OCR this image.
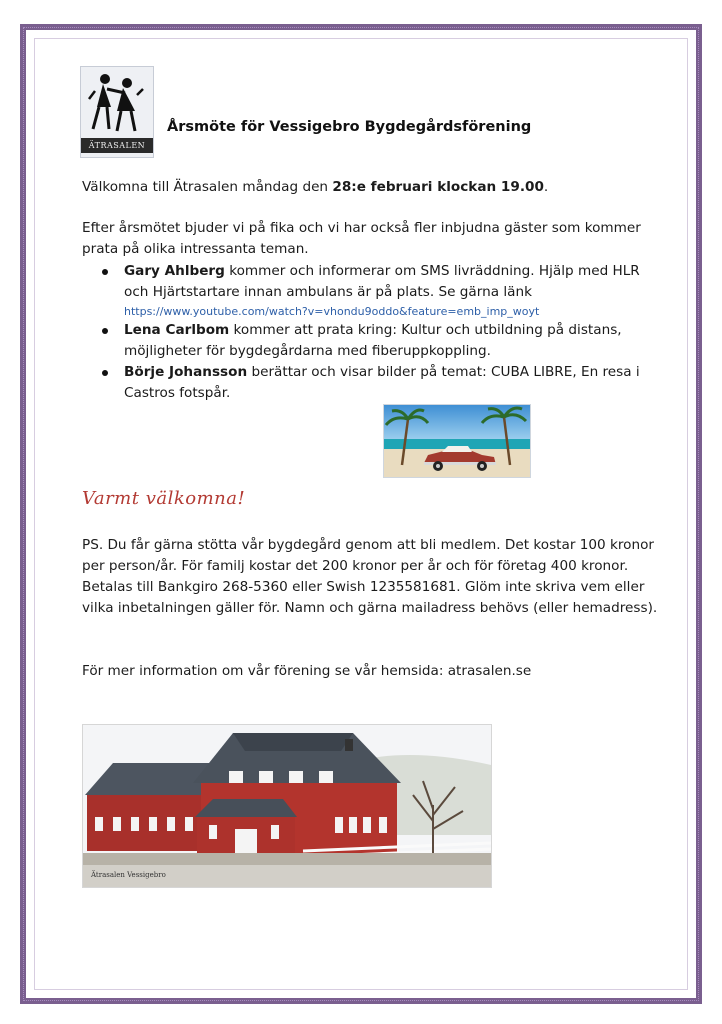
ÄTRASALEN
Årsmöte för Vessigebro Bygdegårdsförening
Välkomna till Ätrasalen måndag den 28:e februari klockan 19.00.
Efter årsmötet bjuder vi på fika och vi har också fler inbjudna gäster som kommer prata på olika intressanta teman.
Gary Ahlberg kommer och informerar om SMS livräddning. Hjälp med HLR och Hjärtstartare innan ambulans är på plats. Se gärna länk
https://www.youtube.com/watch?v=vhondu9oddo&feature=emb_imp_woyt
Lena Carlbom kommer att prata kring: Kultur och utbildning på distans, möjligheter för bygdegårdarna med fiberuppkoppling.
Börje Johansson berättar och visar bilder på temat: CUBA LIBRE, En resa i Castros fotspår.
Varmt välkomna!
PS. Du får gärna stötta vår bygdegård genom att bli medlem. Det kostar 100 kronor per person/år. För familj kostar det 200 kronor per år och för företag 400 kronor. Betalas till Bankgiro 268-5360 eller Swish 1235581681. Glöm inte skriva vem eller vilka inbetalningen gäller för. Namn och gärna mailadress behövs (eller hemadress).
För mer information om vår förening se vår hemsida: atrasalen.se
Ätrasalen Vessigebro
